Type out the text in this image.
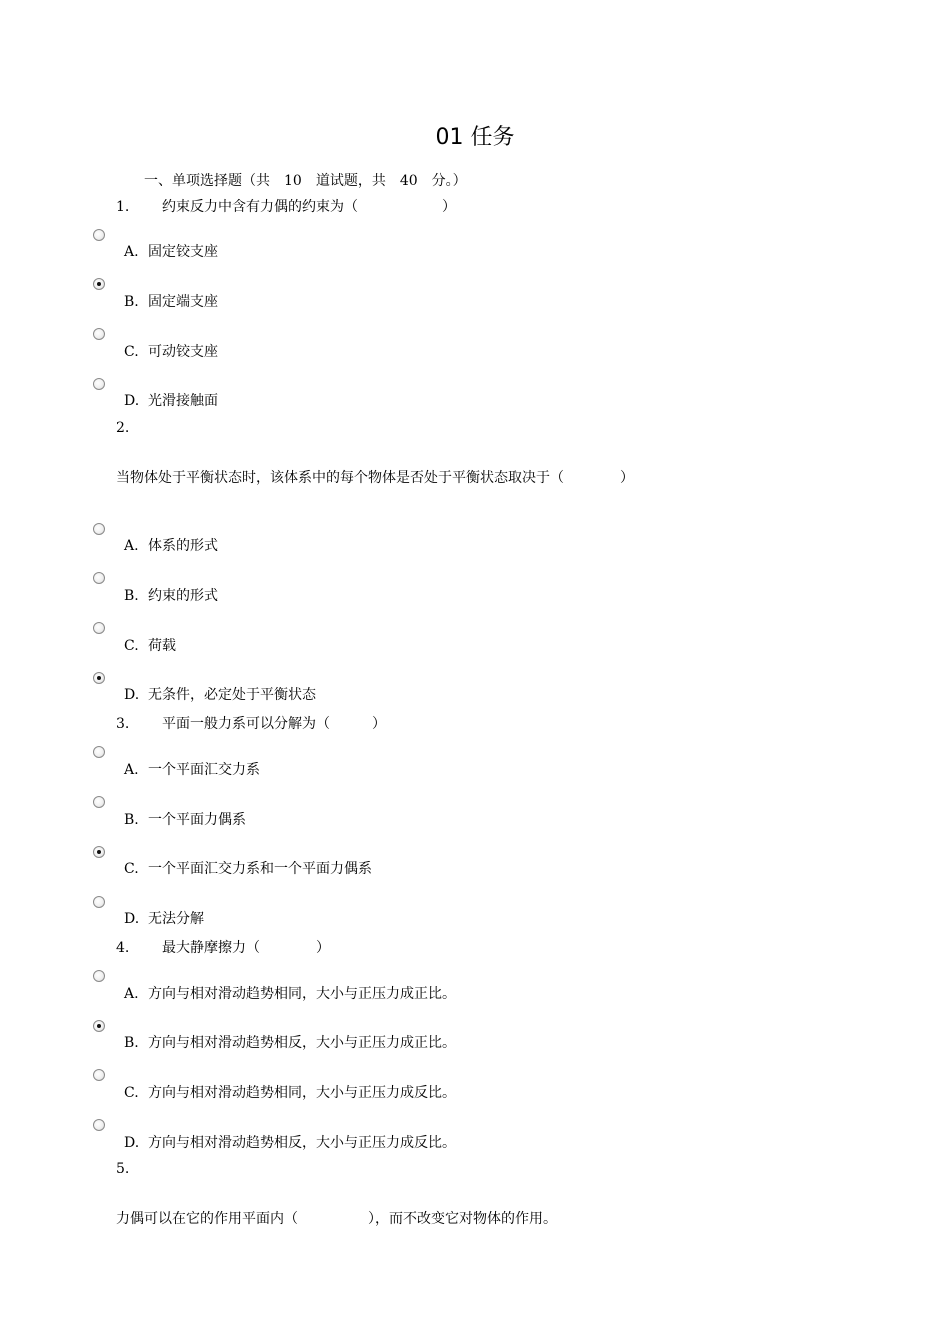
01 任务
一、单项选择题（共　10　道试题，共　40　分。）
1. 约束反力中含有力偶的约束为（　　　　　　）
A. 固定铰支座
B. 固定端支座
C. 可动铰支座
D. 光滑接触面
2.
当物体处于平衡状态时，该体系中的每个物体是否处于平衡状态取决于（　　　　）
A. 体系的形式
B. 约束的形式
C. 荷载
D. 无条件，必定处于平衡状态
3. 平面一般力系可以分解为（　　　）
A. 一个平面汇交力系
B. 一个平面力偶系
C. 一个平面汇交力系和一个平面力偶系
D. 无法分解
4. 最大静摩擦力（　　　　）
A. 方向与相对滑动趋势相同，大小与正压力成正比。
B. 方向与相对滑动趋势相反，大小与正压力成正比。
C. 方向与相对滑动趋势相同，大小与正压力成反比。
D. 方向与相对滑动趋势相反，大小与正压力成反比。
5.
力偶可以在它的作用平面内（　　　　　），而不改变它对物体的作用。
